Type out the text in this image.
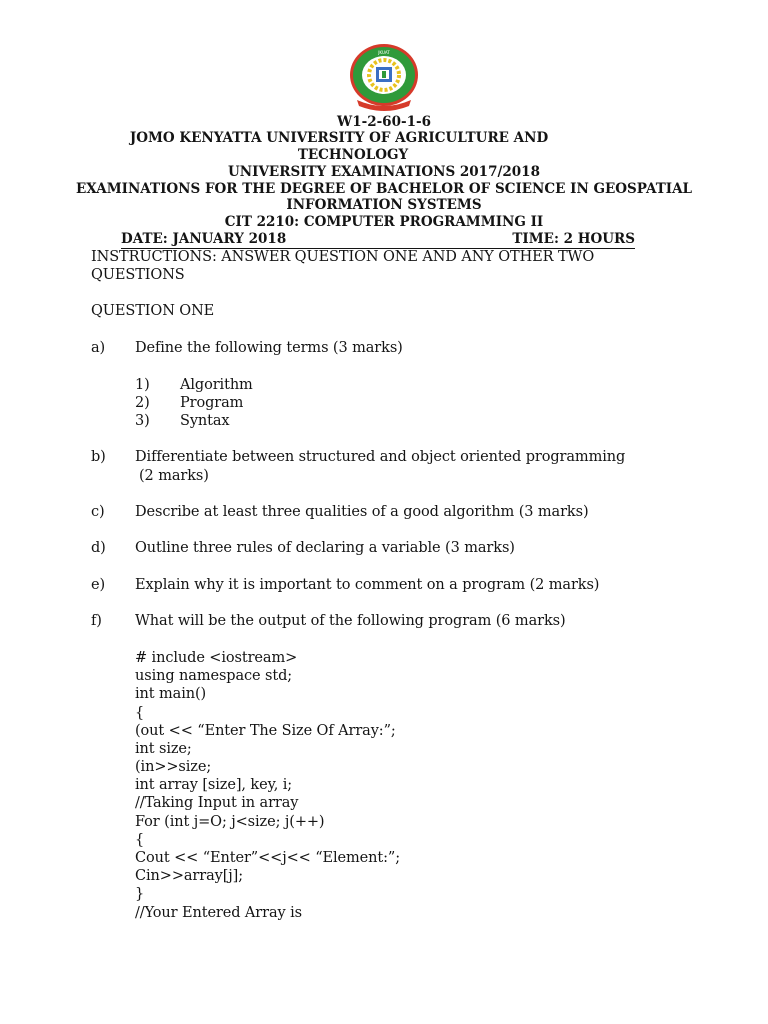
JKUAT
W1-2-60-1-6
JOMO KENYATTA UNIVERSITY OF AGRICULTURE AND
TECHNOLOGY
UNIVERSITY EXAMINATIONS 2017/2018
EXAMINATIONS FOR THE DEGREE OF BACHELOR OF SCIENCE IN GEOSPATIAL
INFORMATION SYSTEMS
CIT 2210: COMPUTER PROGRAMMING II
DATE: JANUARY 2018	TIME: 2 HOURS
INSTRUCTIONS: ANSWER QUESTION ONE AND ANY OTHER TWO
QUESTIONS
QUESTION ONE
a) Define the following terms (3 marks)
1) Algorithm
2) Program
3) Syntax
b) Differentiate between structured and object oriented programming
(2 marks)
c) Describe at least three qualities of a good algorithm (3 marks)
d) Outline three rules of declaring a variable (3 marks)
e) Explain why it is important to comment on a program (2 marks)
f) What will be the output of the following program (6 marks)
# include <iostream>
using namespace std;
int main()
{
(out << “Enter The Size Of Array:”;
int size;
(in>>size;
int array [size], key, i;
//Taking Input in array
For (int j=O; j<size; j(++)
{
Cout << “Enter”<<j<< “Element:”;
Cin>>array[j];
}
//Your Entered Array is
